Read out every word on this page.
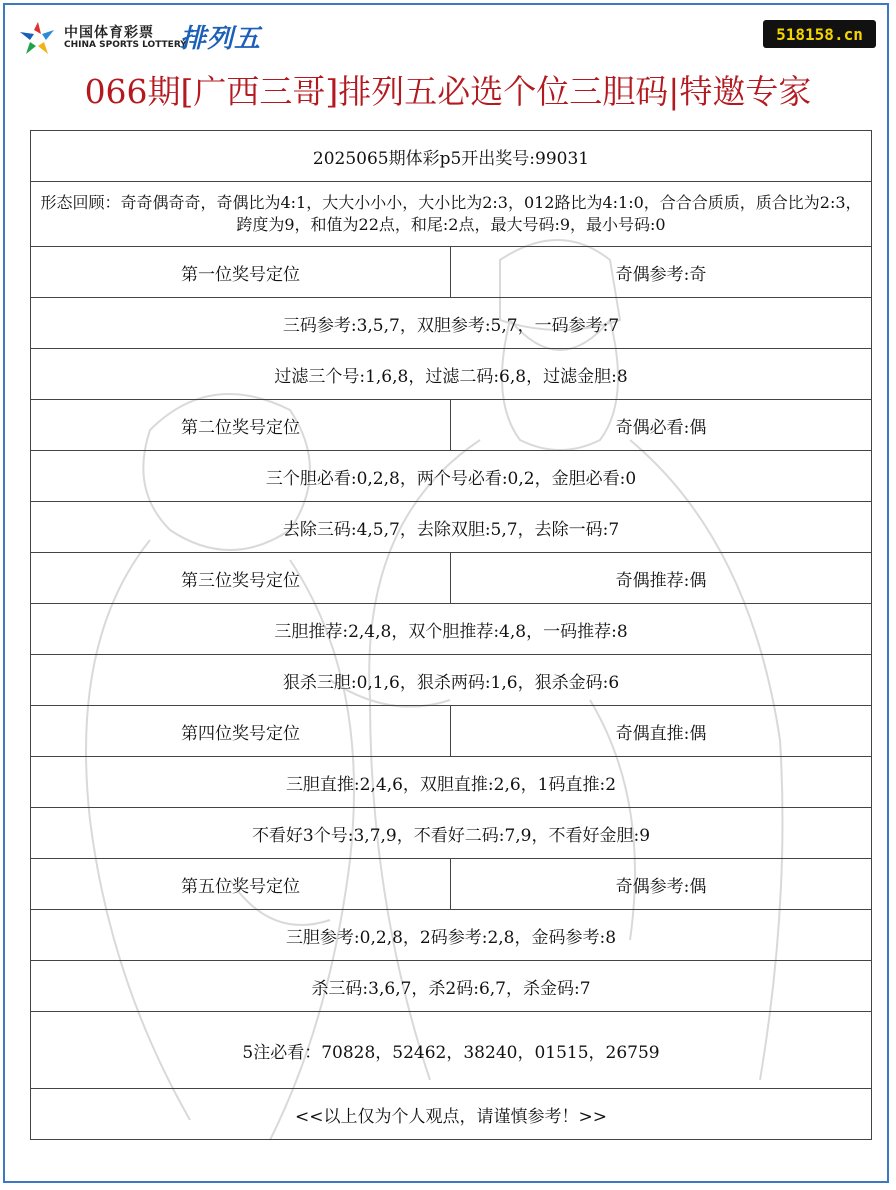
中国体育彩票
CHINA SPORTS LOTTERY
排列五	518158.cn
066期[广西三哥]排列五必选个位三胆码|特邀专家
2025065期体彩p5开出奖号:99031	
形态回顾：奇奇偶奇奇，奇偶比为4:1，大大小小小，大小比为2:3，012路比为4:1:0，合合合质质，质合比为2:3，跨度为9，和值为22点，和尾:2点，最大号码:9，最小号码:0	
第一位奖号定位	奇偶参考:奇
三码参考:3,5,7，双胆参考:5,7，一码参考:7	
过滤三个号:1,6,8，过滤二码:6,8，过滤金胆:8	
第二位奖号定位	奇偶必看:偶
三个胆必看:0,2,8，两个号必看:0,2，金胆必看:0	
去除三码:4,5,7，去除双胆:5,7，去除一码:7	
第三位奖号定位	奇偶推荐:偶
三胆推荐:2,4,8，双个胆推荐:4,8，一码推荐:8	
狠杀三胆:0,1,6，狠杀两码:1,6，狠杀金码:6	
第四位奖号定位	奇偶直推:偶
三胆直推:2,4,6，双胆直推:2,6，1码直推:2	
不看好3个号:3,7,9，不看好二码:7,9，不看好金胆:9	
第五位奖号定位	奇偶参考:偶
三胆参考:0,2,8，2码参考:2,8，金码参考:8	
杀三码:3,6,7，杀2码:6,7，杀金码:7	
5注必看：70828，52462，38240，01515，26759	
<<以上仅为个人观点，请谨慎参考！>>	
